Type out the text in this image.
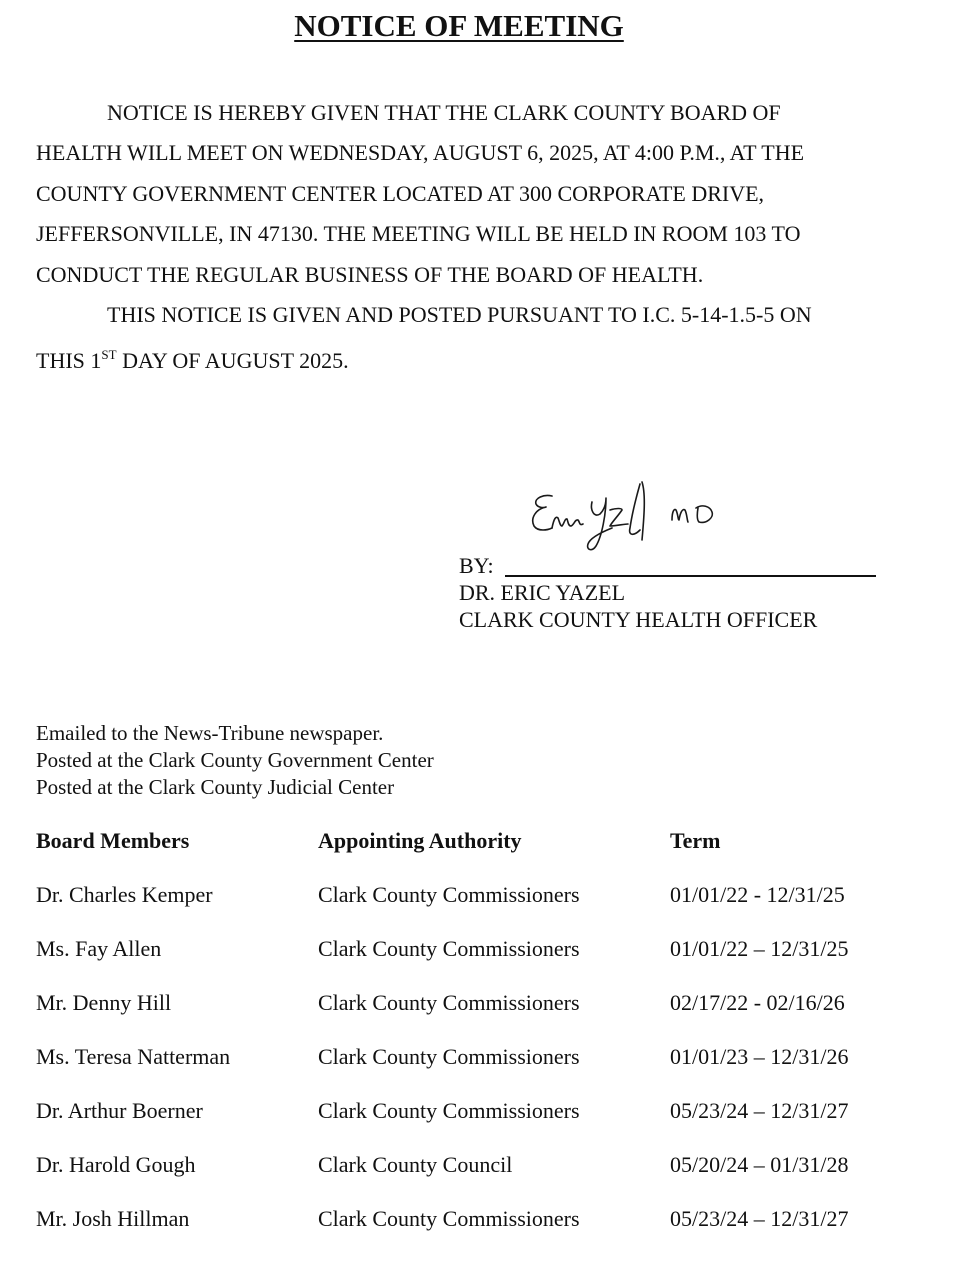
NOTICE OF MEETING
NOTICE IS HEREBY GIVEN THAT THE CLARK COUNTY BOARD OF
HEALTH WILL MEET ON WEDNESDAY, AUGUST 6, 2025, AT 4:00 P.M., AT THE
COUNTY GOVERNMENT CENTER LOCATED AT 300 CORPORATE DRIVE,
JEFFERSONVILLE, IN 47130. THE MEETING WILL BE HELD IN ROOM 103 TO
CONDUCT THE REGULAR BUSINESS OF THE BOARD OF HEALTH.
THIS NOTICE IS GIVEN AND POSTED PURSUANT TO I.C. 5-14-1.5-5 ON
THIS 1ST DAY OF AUGUST 2025.
BY:
DR. ERIC YAZEL
CLARK COUNTY HEALTH OFFICER
Emailed to the News-Tribune newspaper.
Posted at the Clark County Government Center
Posted at the Clark County Judicial Center
Board Members	Appointing Authority	Term
Dr. Charles Kemper	Clark County Commissioners	01/01/22 - 12/31/25
Ms. Fay Allen	Clark County Commissioners	01/01/22 – 12/31/25
Mr. Denny Hill	Clark County Commissioners	02/17/22 - 02/16/26
Ms. Teresa Natterman	Clark County Commissioners	01/01/23 – 12/31/26
Dr. Arthur Boerner	Clark County Commissioners	05/23/24 – 12/31/27
Dr. Harold Gough	Clark County Council	05/20/24 – 01/31/28
Mr. Josh Hillman	Clark County Commissioners	05/23/24 – 12/31/27
